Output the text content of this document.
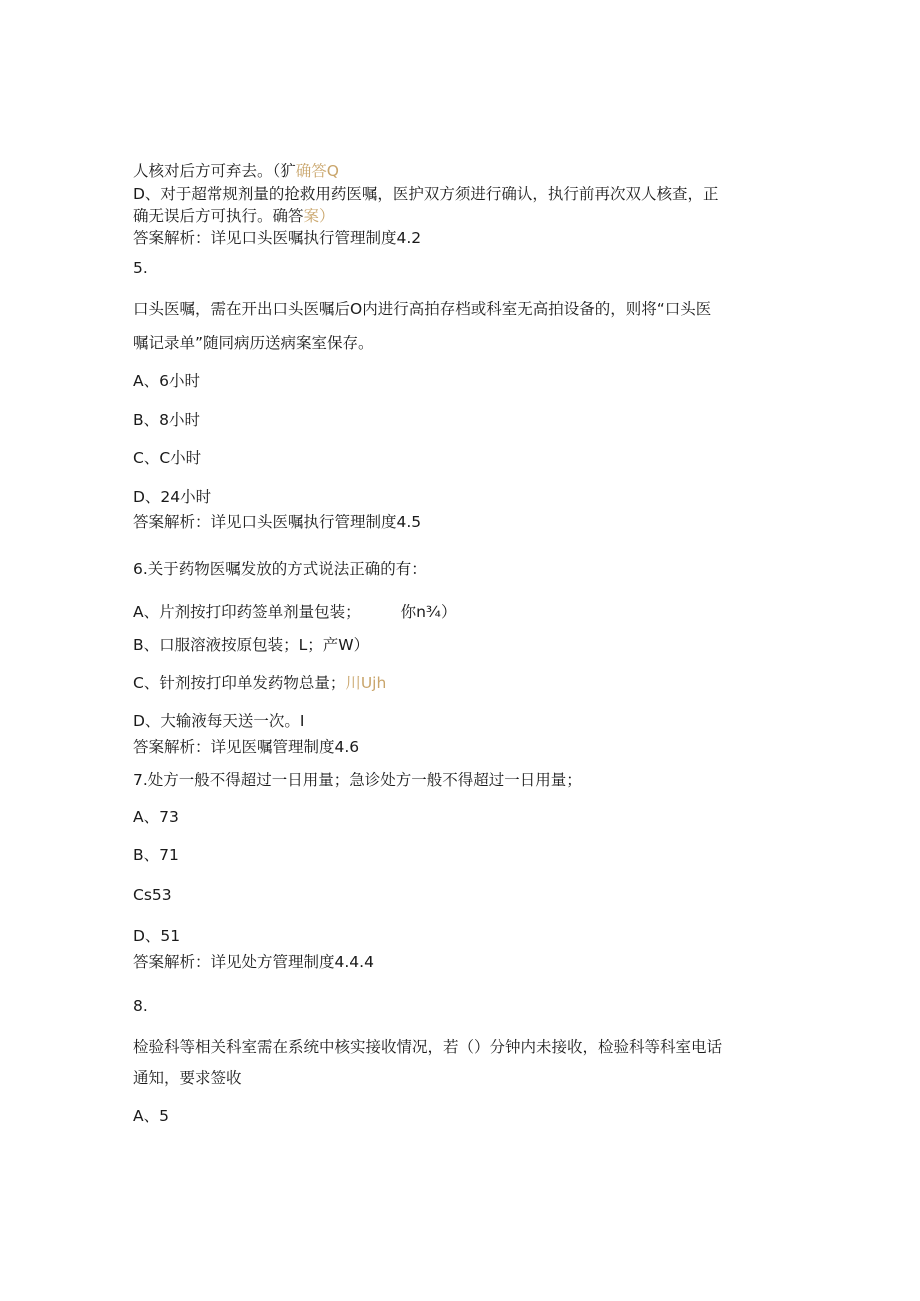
人核对后方可弃去。（犷确答Q

D、对于超常规剂量的抢救用药医嘱，医护双方须进行确认，执行前再次双人核查，正

确无误后方可执行。确答案）

答案解析：详见口头医嘱执行管理制度4.2

5.

口头医嘱，需在开出口头医嘱后O内进行高拍存档或科室无高拍设备的，则将“口头医

嘱记录单”随同病历送病案室保存。

A、6小时

B、8小时

C、C小时

D、24小时

答案解析：详见口头医嘱执行管理制度4.5

6.关于药物医嘱发放的方式说法正确的有：

A、片剂按打印药签单剂量包装；	你n¾）

B、口服溶液按原包装；L；产W）

C、针剂按打印单发药物总量；川Ujh

D、大输液每天送一次。I

答案解析：详见医嘱管理制度4.6

7.处方一般不得超过一日用量；急诊处方一般不得超过一日用量；

A、73

B、71

Cs53

D、51

答案解析：详见处方管理制度4.4.4

8.

检验科等相关科室需在系统中核实接收情况，若（）分钟内未接收，检验科等科室电话

通知，要求签收

A、5
